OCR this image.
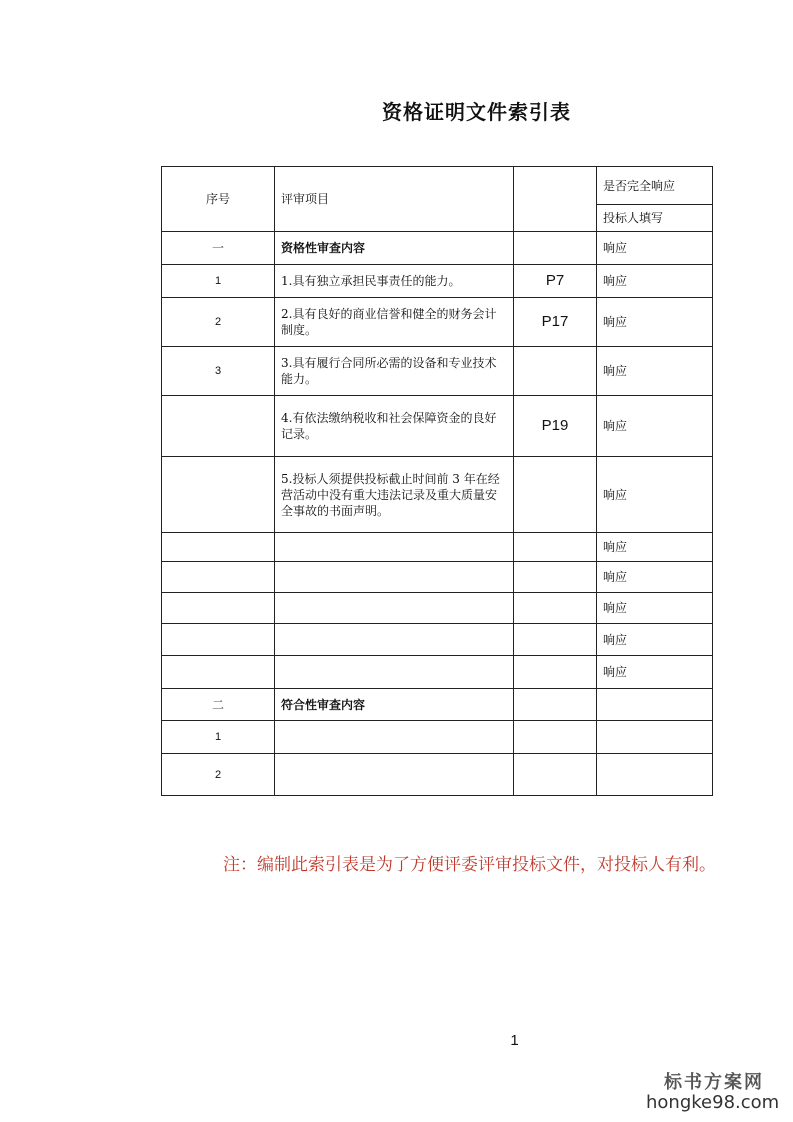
资格证明文件索引表
序号	评审项目		是否完全响应
			投标人填写
一	资格性审查内容		响应
1	1.具有独立承担民事责任的能力。	P7	响应
2	2.具有良好的商业信誉和健全的财务会计制度。	P17	响应
3	3.具有履行合同所必需的设备和专业技术能力。		响应
	4.有依法缴纳税收和社会保障资金的良好记录。	P19	响应
	5.投标人须提供投标截止时间前 3 年在经营活动中没有重大违法记录及重大质量安全事故的书面声明。		响应
			响应
			响应
			响应
			响应
			响应
二	符合性审查内容		
1			
2			
注：编制此索引表是为了方便评委评审投标文件，对投标人有利。
1
标书方案网
hongke98.com
